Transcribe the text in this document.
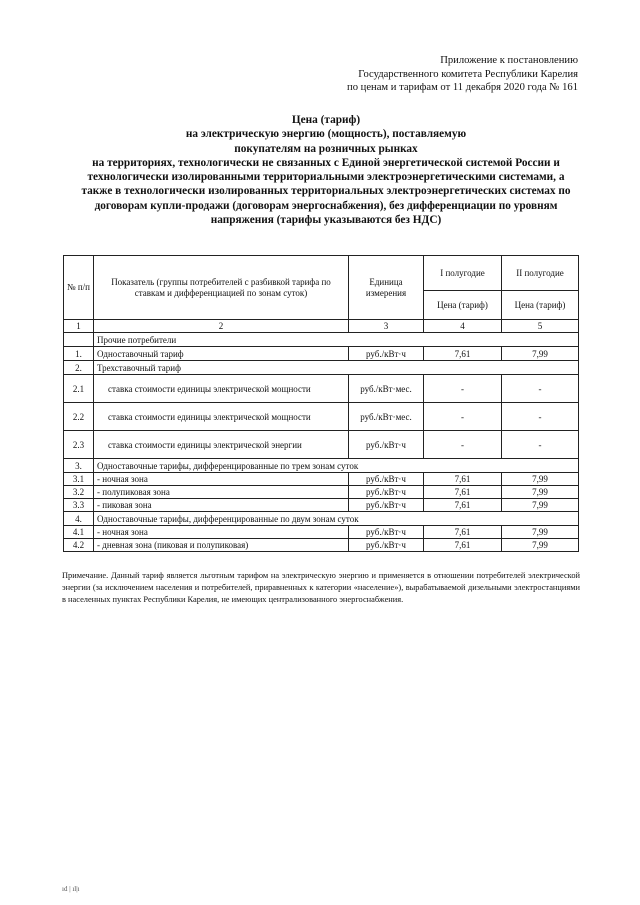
Приложение к постановлению
Государственного комитета Республики Карелия
по ценам и тарифам от 11 декабря 2020 года № 161
Цена (тариф)
на электрическую энергию (мощность), поставляемую
покупателям на розничных рынках
на территориях, технологически не связанных с Единой энергетической системой России и
технологически изолированными территориальными электроэнергетическими системами, а
также в технологически изолированных территориальных электроэнергетических системах по
договорам купли-продажи (договорам энергоснабжения), без дифференциации по уровням
напряжения (тарифы указываются без НДС)
№ п/п	Показатель (группы потребителей с разбивкой тарифа по ставкам и дифференциацией по зонам суток)	Единица измерения	I полугодие	II полугодие
			Цена (тариф)	Цена (тариф)
1	2	3	4	5
	Прочие потребители			
1.	Одноставочный тариф	руб./кВт·ч	7,61	7,99
2.	Трехставочный тариф			
2.1	ставка стоимости единицы электрической мощности	руб./кВт·мес.	-	-
2.2	ставка стоимости единицы электрической мощности	руб./кВт·мес.	-	-
2.3	ставка стоимости единицы электрической энергии	руб./кВт·ч	-	-
3.	Одноставочные тарифы, дифференцированные по трем зонам суток			
3.1	- ночная зона	руб./кВт·ч	7,61	7,99
3.2	- полупиковая зона	руб./кВт·ч	7,61	7,99
3.3	- пиковая зона	руб./кВт·ч	7,61	7,99
4.	Одноставочные тарифы, дифференцированные по двум зонам суток			
4.1	- ночная зона	руб./кВт·ч	7,61	7,99
4.2	- дневная зона (пиковая и полупиковая)	руб./кВт·ч	7,61	7,99
Примечание. Данный тариф является льготным тарифом на электрическую энергию и применяется в отношении потребителей электрической энергии (за исключением населения и потребителей, приравненных к категории «население»), вырабатываемой дизельными электростанциями в населенных пунктах Республики Карелия, не имеющих централизованного энергоснабжения.
ıd | ıl|ı
